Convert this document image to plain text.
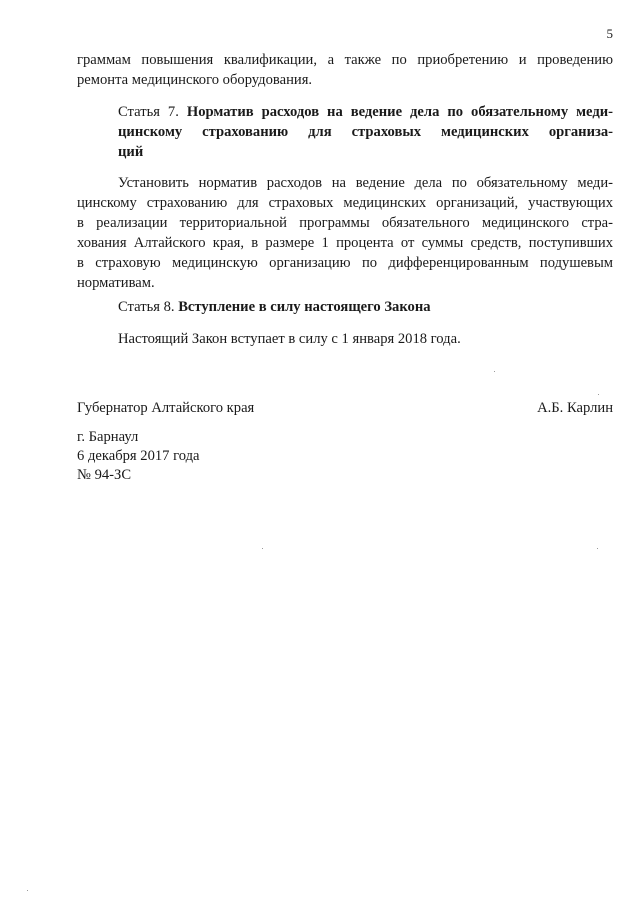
5
граммам повышения квалификации, а также по приобретению и проведению
ремонта медицинского оборудования.
Статья 7. Норматив расходов на ведение дела по обязательному меди-
цинскому страхованию для страховых медицинских организа-
ций
Установить норматив расходов на ведение дела по обязательному меди-
цинскому страхованию для страховых медицинских организаций, участвующих
в реализации территориальной программы обязательного медицинского стра-
хования Алтайского края, в размере 1 процента от суммы средств, поступивших
в страховую медицинскую организацию по дифференцированным подушевым
нормативам.
Статья 8. Вступление в силу настоящего Закона
Настоящий Закон вступает в силу с 1 января 2018 года.
Губернатор Алтайского края	А.Б. Карлин
г. Барнаул
6 декабря 2017 года
№ 94-ЗС
